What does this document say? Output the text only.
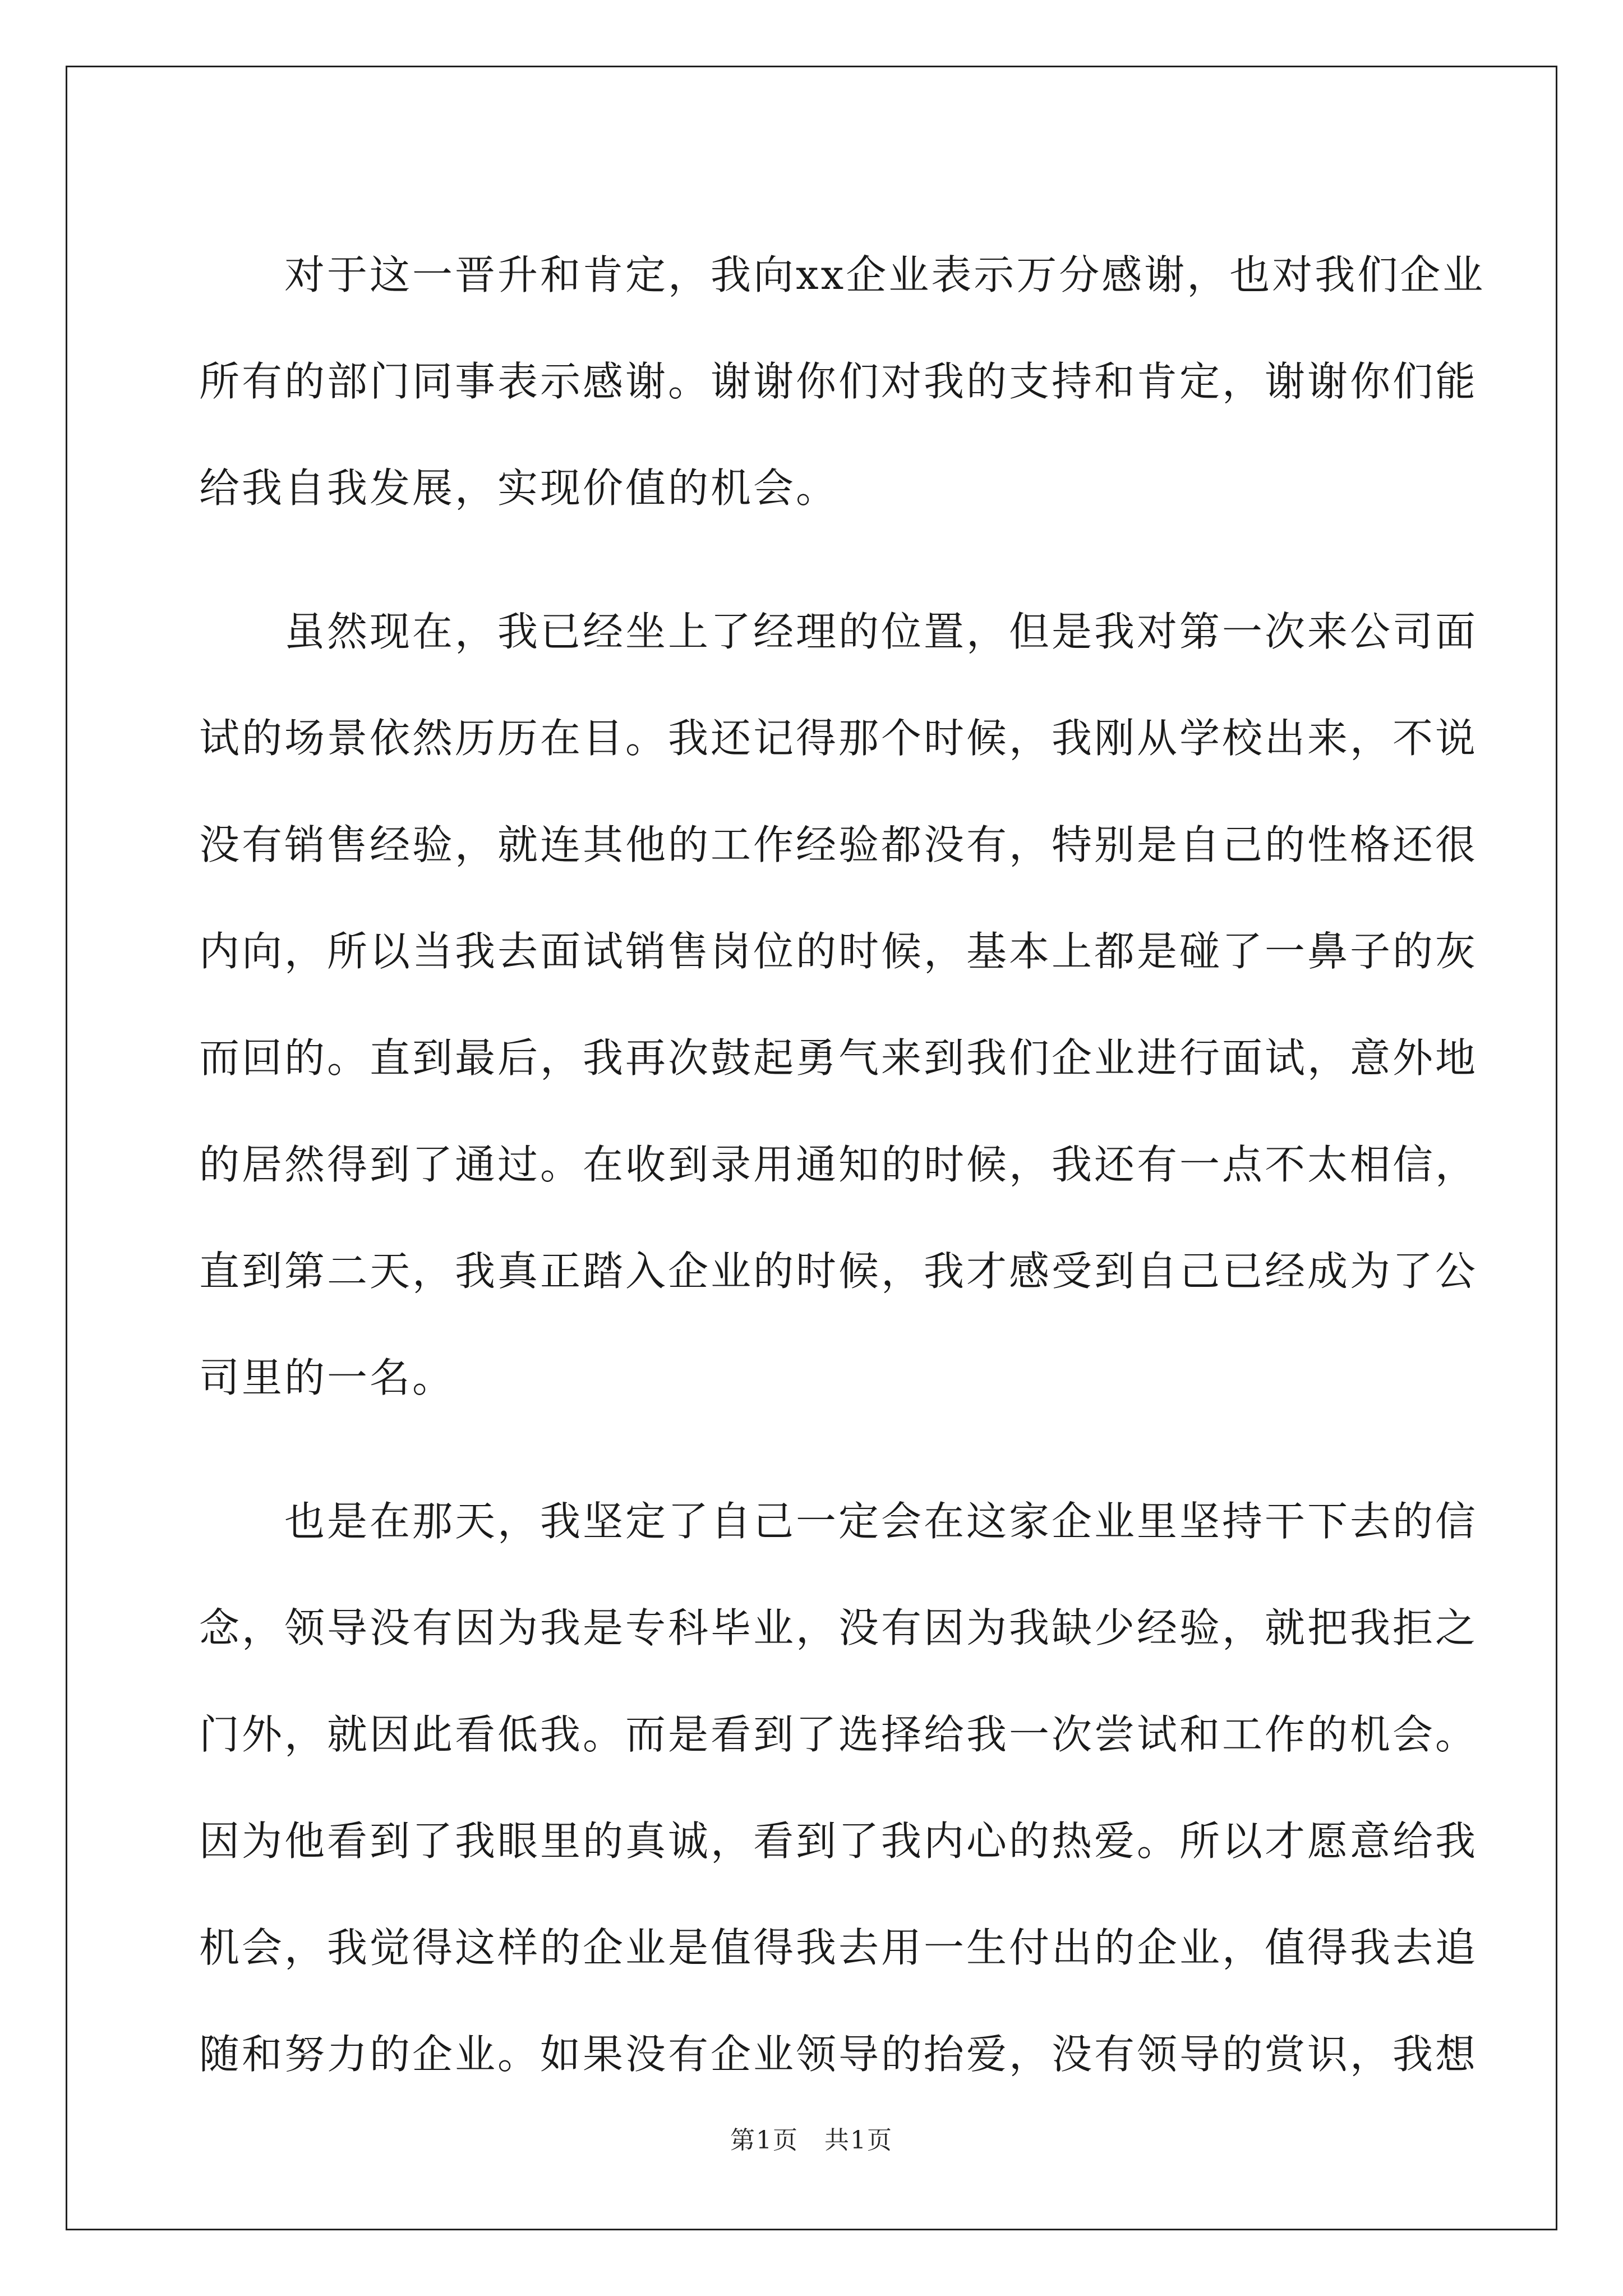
　　对于这一晋升和肯定，我向xx企业表示万分感谢，也对我们企业
所有的部门同事表示感谢。谢谢你们对我的支持和肯定，谢谢你们能
给我自我发展，实现价值的机会。

　　虽然现在，我已经坐上了经理的位置，但是我对第一次来公司面
试的场景依然历历在目。我还记得那个时候，我刚从学校出来，不说
没有销售经验，就连其他的工作经验都没有，特别是自己的性格还很
内向，所以当我去面试销售岗位的时候，基本上都是碰了一鼻子的灰
而回的。直到最后，我再次鼓起勇气来到我们企业进行面试，意外地
的居然得到了通过。在收到录用通知的时候，我还有一点不太相信，
直到第二天，我真正踏入企业的时候，我才感受到自己已经成为了公
司里的一名。

　　也是在那天，我坚定了自己一定会在这家企业里坚持干下去的信
念，领导没有因为我是专科毕业，没有因为我缺少经验，就把我拒之
门外，就因此看低我。而是看到了选择给我一次尝试和工作的机会。
因为他看到了我眼里的真诚，看到了我内心的热爱。所以才愿意给我
机会，我觉得这样的企业是值得我去用一生付出的企业，值得我去追
随和努力的企业。如果没有企业领导的抬爱，没有领导的赏识，我想

第1页 共1页
